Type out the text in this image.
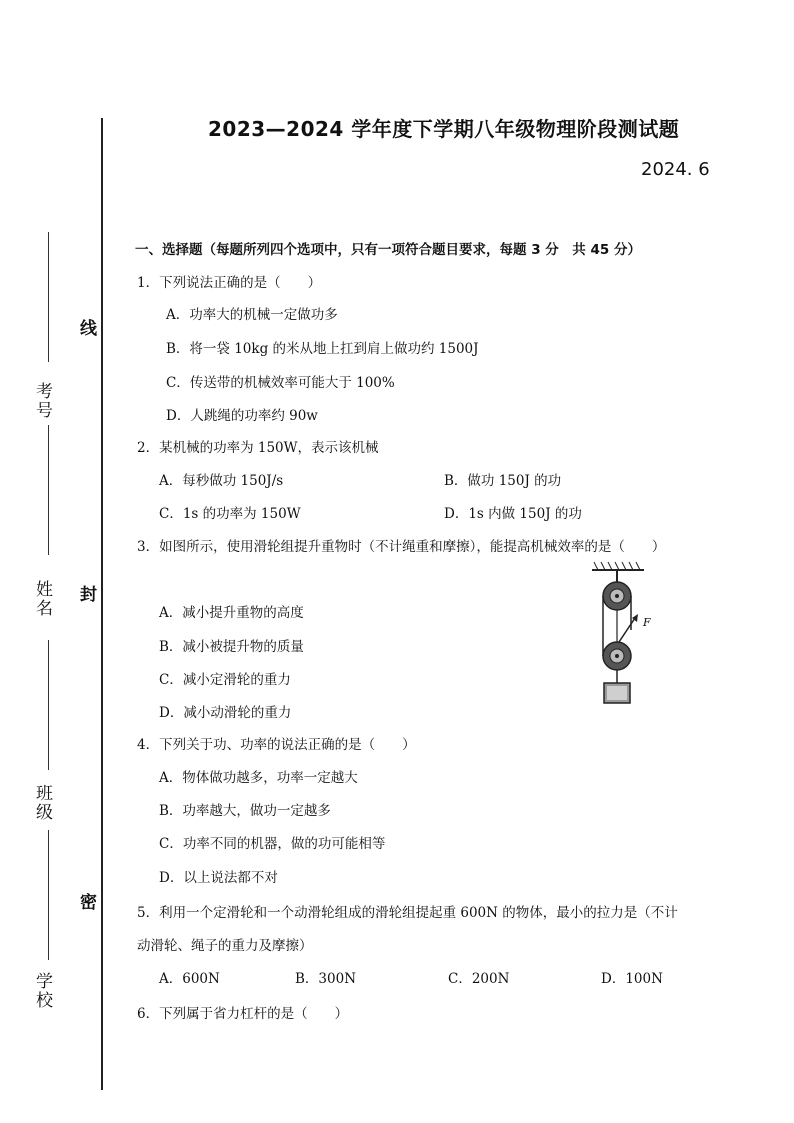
考号
姓名
班级
学校
线
封
密
2023—2024 学年度下学期八年级物理阶段测试题
2024. 6
一、选择题（每题所列四个选项中，只有一项符合题目要求，每题 3 分　共 45 分）
1．下列说法正确的是（　　）
A．功率大的机械一定做功多
B．将一袋 10kg 的米从地上扛到肩上做功约 1500J
C．传送带的机械效率可能大于 100%
D．人跳绳的功率约 90w
2．某机械的功率为 150W，表示该机械
A．每秒做功 150J/s	B．做功 150J 的功
C．1s 的功率为 150W	D．1s 内做 150J 的功
3．如图所示，使用滑轮组提升重物时（不计绳重和摩擦），能提高机械效率的是（　　）
A．减小提升重物的高度
B．减小被提升物的质量
C．减小定滑轮的重力
D．减小动滑轮的重力
F
4．下列关于功、功率的说法正确的是（　　）
A．物体做功越多，功率一定越大
B．功率越大，做功一定越多
C．功率不同的机器，做的功可能相等
D．以上说法都不对
5．利用一个定滑轮和一个动滑轮组成的滑轮组提起重 600N 的物体，最小的拉力是（不计
动滑轮、绳子的重力及摩擦）
A．600N	B．300N	C．200N	D．100N
6．下列属于省力杠杆的是（　　）
